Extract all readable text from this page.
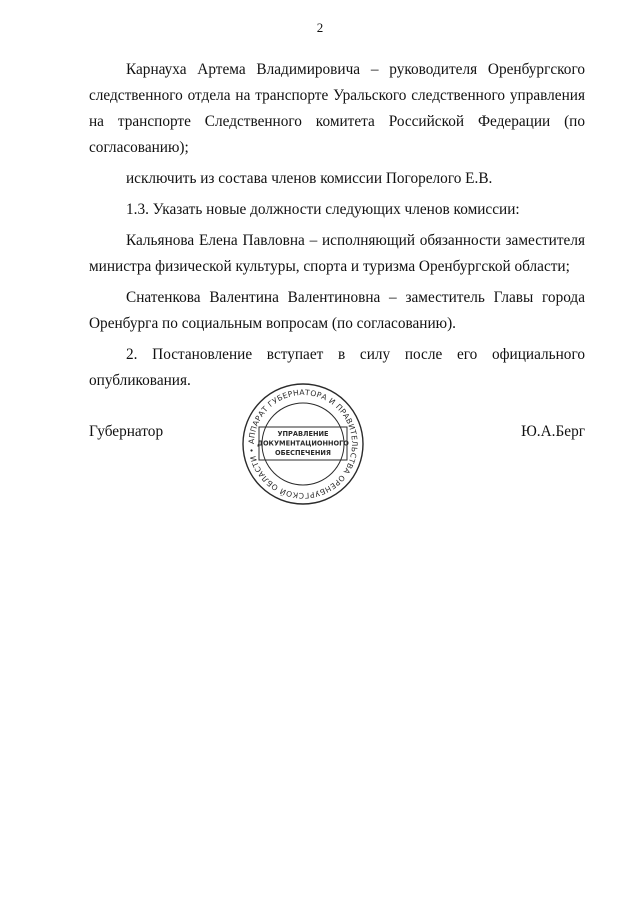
2

Карнауха Артема Владимировича – руководителя Оренбургского следственного отдела на транспорте Уральского следственного управления на транспорте Следственного комитета Российской Федерации (по согласованию);

исключить из состава членов комиссии Погорелого Е.В.

1.3. Указать новые должности следующих членов комиссии:

Кальянова Елена Павловна – исполняющий обязанности заместителя министра физической культуры, спорта и туризма Оренбургской области;

Снатенкова Валентина Валентиновна – заместитель Главы города Оренбурга по социальным вопросам (по согласованию).

2. Постановление вступает в силу после его официального опубликования.

Губернатор	Ю.А.Берг
АППАРАТ ГУБЕРНАТОРА И ПРАВИТЕЛЬСТВА ОРЕНБУРГСКОЙ ОБЛАСТИ •
УПРАВЛЕНИЕ
ДОКУМЕНТАЦИОННОГО
ОБЕСПЕЧЕНИЯ
